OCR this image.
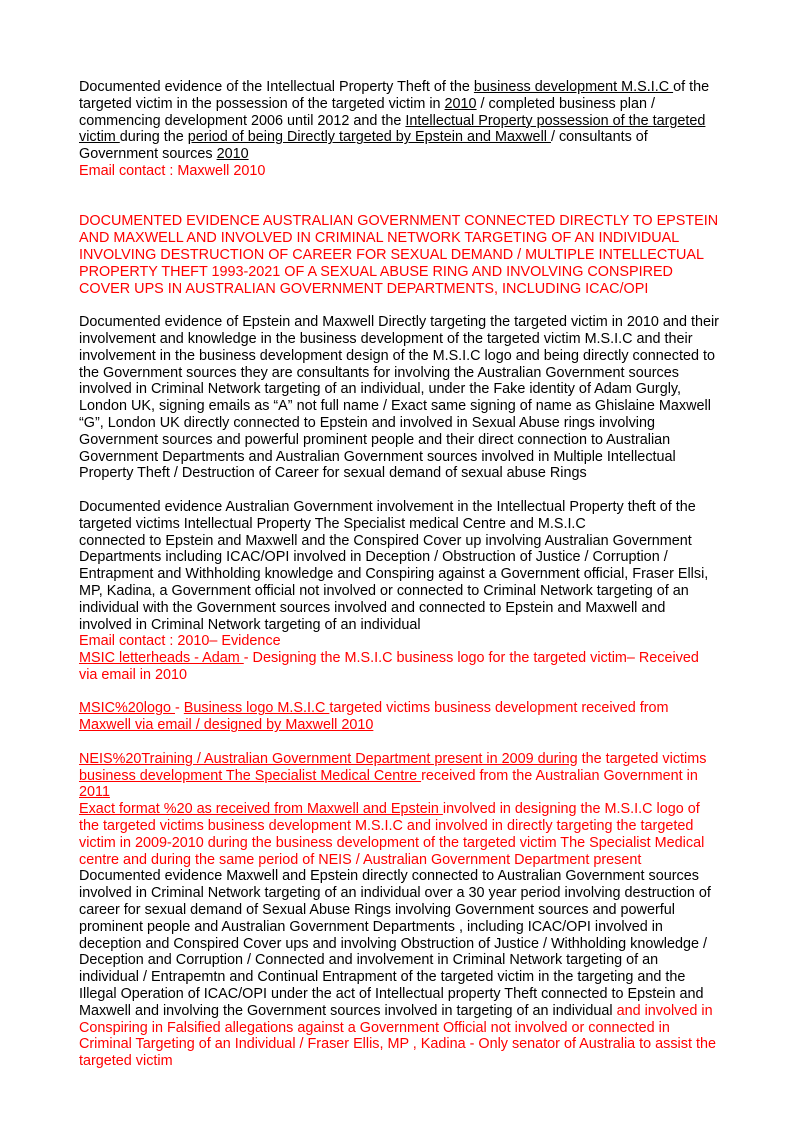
Documented evidence of the Intellectual Property Theft of the business development M.S.I.C of the targeted victim in the possession of the targeted victim in 2010 / completed business plan / commencing development 2006 until 2012 and the Intellectual Property possession of the targeted victim during the period of being Directly targeted by Epstein and Maxwell / consultants of Government sources 2010

Email contact : Maxwell 2010

DOCUMENTED EVIDENCE AUSTRALIAN GOVERNMENT CONNECTED DIRECTLY TO EPSTEIN AND MAXWELL AND INVOLVED IN CRIMINAL NETWORK TARGETING OF AN INDIVIDUAL INVOLVING DESTRUCTION OF CAREER FOR SEXUAL DEMAND / MULTIPLE INTELLECTUAL PROPERTY THEFT 1993-2021 OF A SEXUAL ABUSE RING AND INVOLVING CONSPIRED COVER UPS IN AUSTRALIAN GOVERNMENT DEPARTMENTS, INCLUDING ICAC/OPI

Documented evidence of Epstein and Maxwell Directly targeting the targeted victim in 2010 and their involvement and knowledge in the business development of the targeted victim M.S.I.C and their involvement in the business development design of the M.S.I.C logo and being directly connected to the Government sources they are consultants for involving the Australian Government sources involved in Criminal Network targeting of an individual, under the Fake identity of Adam Gurgly, London UK, signing emails as “A” not full name / Exact same signing of name as Ghislaine Maxwell “G”, London UK directly connected to Epstein and involved in Sexual Abuse rings involving Government sources and powerful prominent people and their direct connection to Australian Government Departments and Australian Government sources involved in Multiple Intellectual Property Theft / Destruction of Career for sexual demand of sexual abuse Rings

Documented evidence Australian Government involvement in the Intellectual Property theft of the targeted victims Intellectual Property The Specialist medical Centre and M.S.I.C

connected to Epstein and Maxwell and the Conspired Cover up involving Australian Government Departments including ICAC/OPI involved in Deception / Obstruction of Justice / Corruption / Entrapment and Withholding knowledge and Conspiring against a Government official, Fraser Ellsi, MP, Kadina, a Government official not involved or connected to Criminal Network targeting of an individual with the Government sources involved and connected to Epstein and Maxwell and involved in Criminal Network targeting of an individual

Email contact : 2010– Evidence

MSIC letterheads - Adam - Designing the M.S.I.C business logo for the targeted victim– Received via email in 2010

MSIC%20logo - Business logo M.S.I.C targeted victims business development received from Maxwell via email / designed by Maxwell 2010

NEIS%20Training / Australian Government Department present in 2009 during the targeted victims business development The Specialist Medical Centre received from the Australian Government in 2011

Exact format %20 as received from Maxwell and Epstein involved in designing the M.S.I.C logo of the targeted victims business development M.S.I.C and involved in directly targeting the targeted victim in 2009-2010 during the business development of the targeted victim The Specialist Medical centre and during the same period of NEIS / Australian Government Department present

Documented evidence Maxwell and Epstein directly connected to Australian Government sources involved in Criminal Network targeting of an individual over a 30 year period involving destruction of career for sexual demand of Sexual Abuse Rings involving Government sources and powerful prominent people and Australian Government Departments , including ICAC/OPI involved in deception and Conspired Cover ups and involving Obstruction of Justice / Withholding knowledge / Deception and Corruption / Connected and involvement in Criminal Network targeting of an individual / Entrapemtn and Continual Entrapment of the targeted victim in the targeting and the Illegal Operation of ICAC/OPI under the act of Intellectual property Theft connected to Epstein and Maxwell and involving the Government sources involved in targeting of an individual and involved in Conspiring in Falsified allegations against a Government Official not involved or connected in Criminal Targeting of an Individual / Fraser Ellis, MP , Kadina - Only senator of Australia to assist the targeted victim
